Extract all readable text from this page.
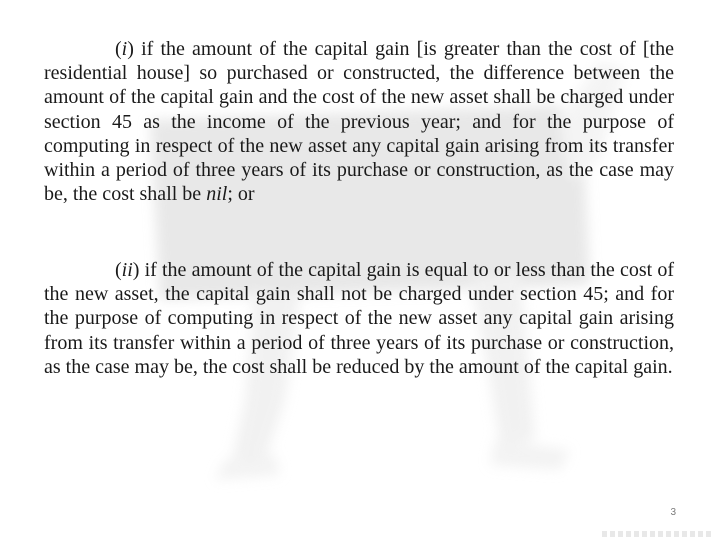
(i) if the amount of the capital gain [is greater than the cost of [the residential house] so purchased or constructed, the difference between the amount of the capital gain and the cost of the new asset shall be charged under section 45 as the income of the previous year; and for the purpose of computing in respect of the new asset any capital gain arising from its transfer within a period of three years of its purchase or construction, as the case may be, the cost shall be nil; or
(ii) if the amount of the capital gain is equal to or less than the cost of the new asset, the capital gain shall not be charged under section 45; and for the purpose of computing in respect of the new asset any capital gain arising from its transfer within a period of three years of its purchase or construction, as the case may be, the cost shall be reduced by the amount of the capital gain.
3
